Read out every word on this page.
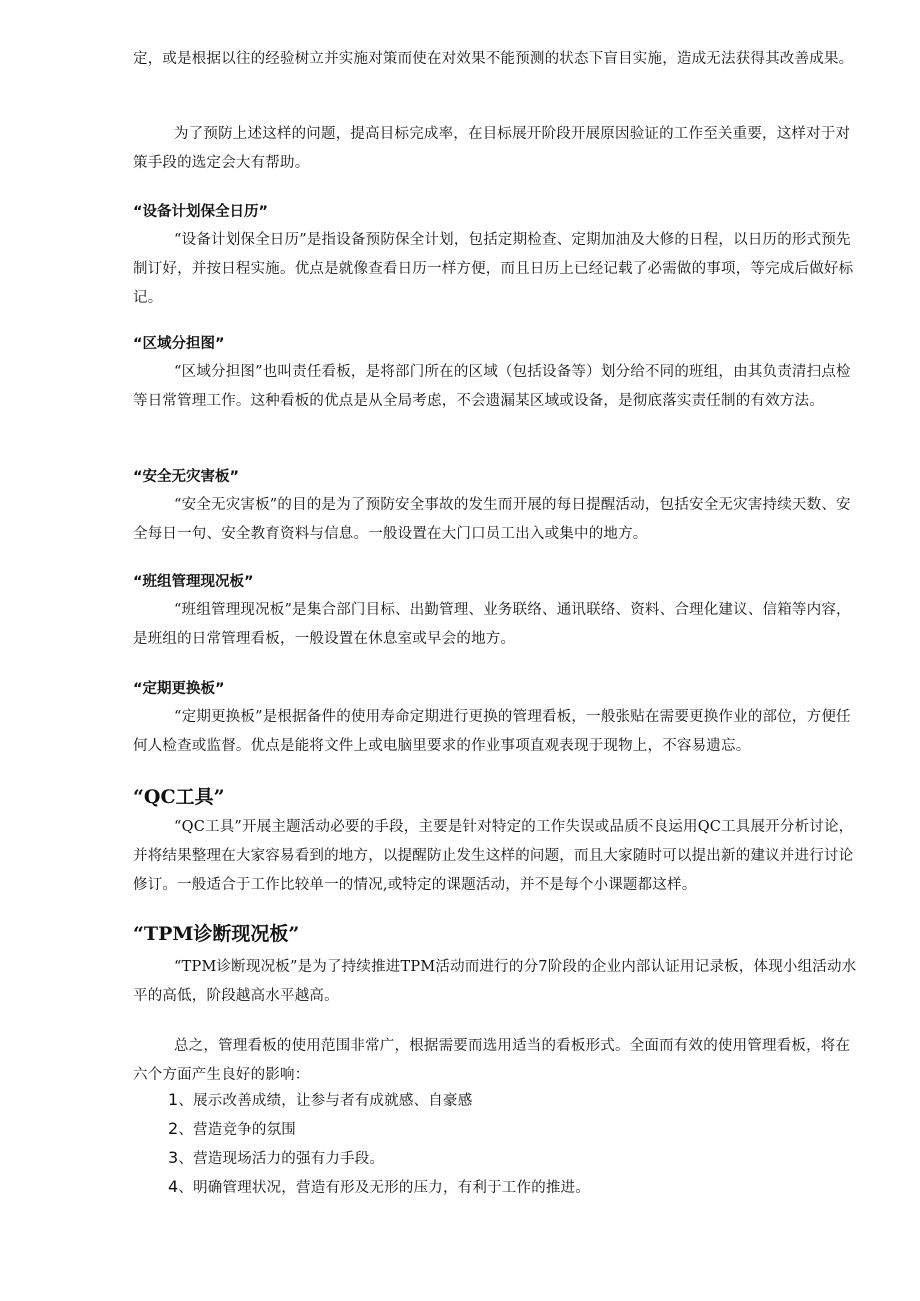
定，或是根据以往的经验树立并实施对策而使在对效果不能预测的状态下盲目实施，造成无法获得其改善成果。

为了预防上述这样的问题，提高目标完成率，在目标展开阶段开展原因验证的工作至关重要，这样对于对策手段的选定会大有帮助。

“设备计划保全日历”

“设备计划保全日历”是指设备预防保全计划，包括定期检查、定期加油及大修的日程，以日历的形式预先制订好，并按日程实施。优点是就像查看日历一样方便，而且日历上已经记载了必需做的事项，等完成后做好标记。

“区域分担图”

“区域分担图”也叫责任看板，是将部门所在的区域（包括设备等）划分给不同的班组，由其负责清扫点检等日常管理工作。这种看板的优点是从全局考虑，不会遗漏某区域或设备，是彻底落实责任制的有效方法。

“安全无灾害板”

“安全无灾害板”的目的是为了预防安全事故的发生而开展的每日提醒活动，包括安全无灾害持续天数、安全每日一句、安全教育资料与信息。一般设置在大门口员工出入或集中的地方。

“班组管理现况板”

“班组管理现况板”是集合部门目标、出勤管理、业务联络、通讯联络、资料、合理化建议、信箱等内容，是班组的日常管理看板，一般设置在休息室或早会的地方。

“定期更换板”

“定期更换板”是根据备件的使用寿命定期进行更换的管理看板，一般张贴在需要更换作业的部位，方便任何人检查或监督。优点是能将文件上或电脑里要求的作业事项直观表现于现物上，不容易遗忘。

“QC工具”

“QC工具”开展主题活动必要的手段，主要是针对特定的工作失误或品质不良运用QC工具展开分析讨论，并将结果整理在大家容易看到的地方，以提醒防止发生这样的问题，而且大家随时可以提出新的建议并进行讨论修订。一般适合于工作比较单一的情况,或特定的课题活动，并不是每个小课题都这样。

“TPM诊断现况板”

“TPM诊断现况板”是为了持续推进TPM活动而进行的分7阶段的企业内部认证用记录板，体现小组活动水平的高低，阶段越高水平越高。

总之，管理看板的使用范围非常广，根据需要而选用适当的看板形式。全面而有效的使用管理看板，将在六个方面产生良好的影响：

1、展示改善成绩，让参与者有成就感、自豪感
2、营造竞争的氛围
3、营造现场活力的强有力手段。
4、明确管理状况，营造有形及无形的压力，有利于工作的推进。
